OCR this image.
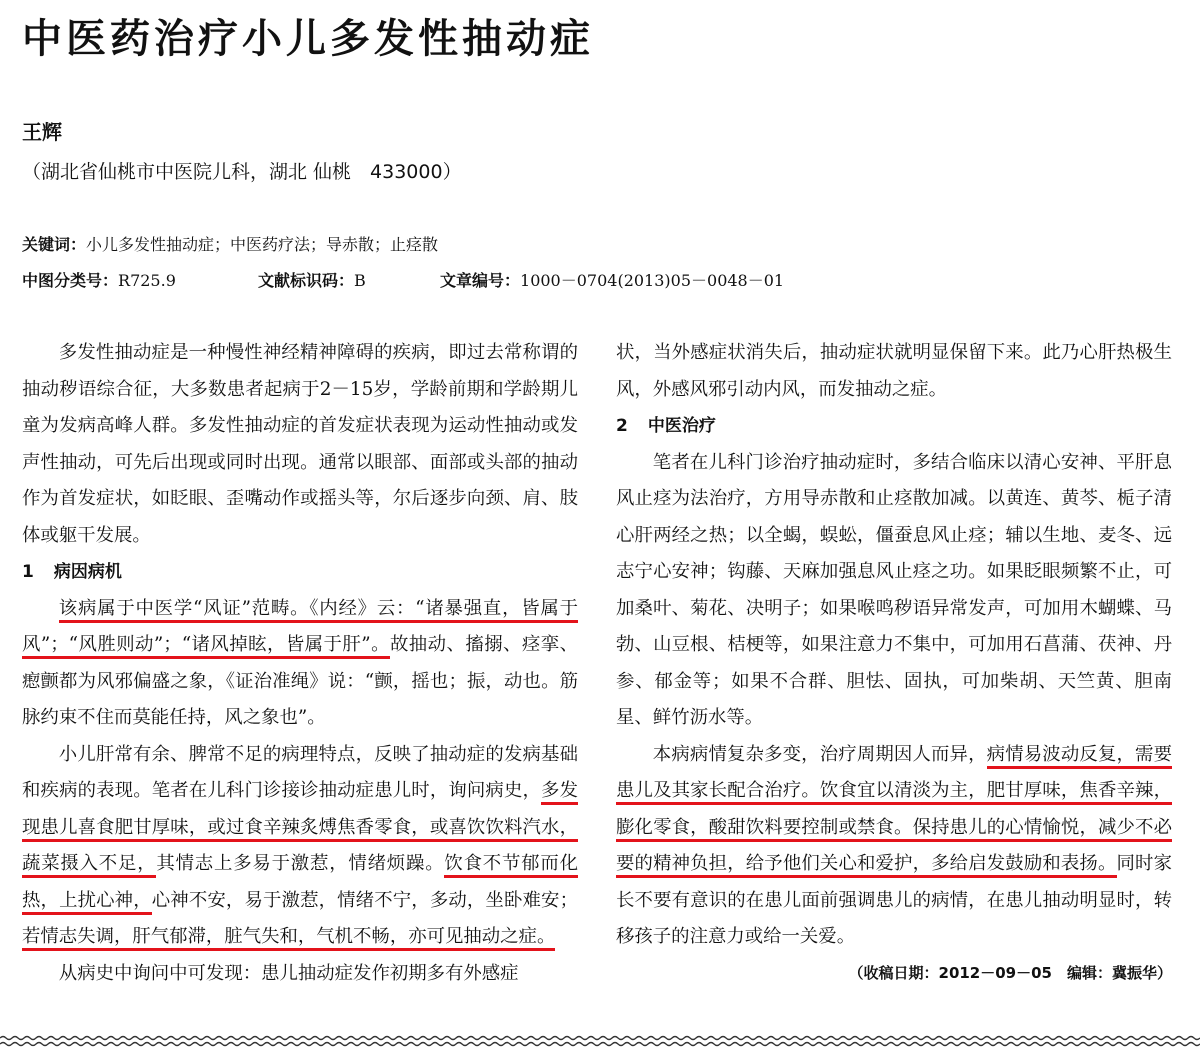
中医药治疗小儿多发性抽动症
王辉
（湖北省仙桃市中医院儿科，湖北 仙桃　433000）
关键词：小儿多发性抽动症；中医药疗法；导赤散；止痉散
中图分类号：R725.9	文献标识码：B	文章编号：1000－0704(2013)05－0048－01

多发性抽动症是一种慢性神经精神障碍的疾病，即过去常称谓的抽动秽语综合征，大多数患者起病于2－15岁，学龄前期和学龄期儿童为发病高峰人群。多发性抽动症的首发症状表现为运动性抽动或发声性抽动，可先后出现或同时出现。通常以眼部、面部或头部的抽动作为首发症状，如眨眼、歪嘴动作或摇头等，尔后逐步向颈、肩、肢体或躯干发展。

1 病因病机

该病属于中医学“风证”范畴。《内经》云：“诸暴强直，皆属于风”；“风胜则动”；“诸风掉眩，皆属于肝”。故抽动、搐搦、痉挛、瘛颤都为风邪偏盛之象，《证治准绳》说：“颤，摇也；振，动也。筋脉约束不住而莫能任持，风之象也”。

小儿肝常有余、脾常不足的病理特点，反映了抽动症的发病基础和疾病的表现。笔者在儿科门诊接诊抽动症患儿时，询问病史，多发现患儿喜食肥甘厚味，或过食辛辣炙煿焦香零食，或喜饮饮料汽水，蔬菜摄入不足，其情志上多易于激惹，情绪烦躁。饮食不节郁而化热，上扰心神，心神不安，易于激惹，情绪不宁，多动，坐卧难安；若情志失调，肝气郁滞，脏气失和，气机不畅，亦可见抽动之症。

从病史中询问中可发现：患儿抽动症发作初期多有外感症

状，当外感症状消失后，抽动症状就明显保留下来。此乃心肝热极生风，外感风邪引动内风，而发抽动之症。

2 中医治疗

笔者在儿科门诊治疗抽动症时，多结合临床以清心安神、平肝息风止痉为法治疗，方用导赤散和止痉散加减。以黄连、黄芩、栀子清心肝两经之热；以全蝎，蜈蚣，僵蚕息风止痉；辅以生地、麦冬、远志宁心安神；钩藤、天麻加强息风止痉之功。如果眨眼频繁不止，可加桑叶、菊花、决明子；如果喉鸣秽语异常发声，可加用木蝴蝶、马勃、山豆根、桔梗等，如果注意力不集中，可加用石菖蒲、茯神、丹参、郁金等；如果不合群、胆怯、固执，可加柴胡、天竺黄、胆南星、鲜竹沥水等。

本病病情复杂多变，治疗周期因人而异，病情易波动反复，需要患儿及其家长配合治疗。饮食宜以清淡为主，肥甘厚味，焦香辛辣，膨化零食，酸甜饮料要控制或禁食。保持患儿的心情愉悦，减少不必要的精神负担，给予他们关心和爱护，多给启发鼓励和表扬。同时家长不要有意识的在患儿面前强调患儿的病情，在患儿抽动明显时，转移孩子的注意力或给一关爱。

（收稿日期：2012－09－05　编辑：冀振华）
